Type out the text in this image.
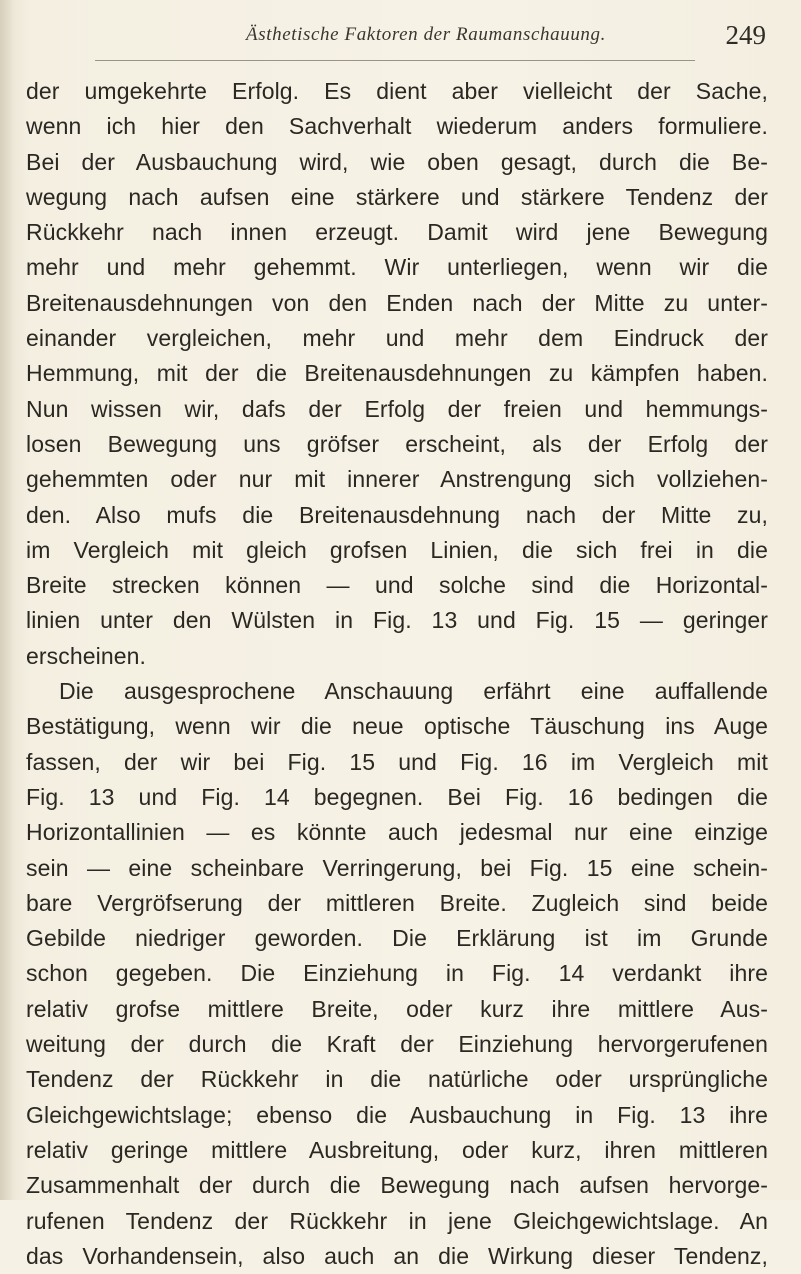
Ästhetische Faktoren der Raumanschauung.	249
der umgekehrte Erfolg. Es dient aber vielleicht der Sache,
wenn ich hier den Sachverhalt wiederum anders formuliere.
Bei der Ausbauchung wird, wie oben gesagt, durch die Be-
wegung nach aufsen eine stärkere und stärkere Tendenz der
Rückkehr nach innen erzeugt. Damit wird jene Bewegung
mehr und mehr gehemmt. Wir unterliegen, wenn wir die
Breitenausdehnungen von den Enden nach der Mitte zu unter-
einander vergleichen, mehr und mehr dem Eindruck der
Hemmung, mit der die Breitenausdehnungen zu kämpfen haben.
Nun wissen wir, dafs der Erfolg der freien und hemmungs-
losen Bewegung uns gröfser erscheint, als der Erfolg der
gehemmten oder nur mit innerer Anstrengung sich vollziehen-
den. Also mufs die Breitenausdehnung nach der Mitte zu,
im Vergleich mit gleich grofsen Linien, die sich frei in die
Breite strecken können — und solche sind die Horizontal-
linien unter den Wülsten in Fig. 13 und Fig. 15 — geringer
erscheinen.
Die ausgesprochene Anschauung erfährt eine auffallende
Bestätigung, wenn wir die neue optische Täuschung ins Auge
fassen, der wir bei Fig. 15 und Fig. 16 im Vergleich mit
Fig. 13 und Fig. 14 begegnen. Bei Fig. 16 bedingen die
Horizontallinien — es könnte auch jedesmal nur eine einzige
sein — eine scheinbare Verringerung, bei Fig. 15 eine schein-
bare Vergröfserung der mittleren Breite. Zugleich sind beide
Gebilde niedriger geworden. Die Erklärung ist im Grunde
schon gegeben. Die Einziehung in Fig. 14 verdankt ihre
relativ grofse mittlere Breite, oder kurz ihre mittlere Aus-
weitung der durch die Kraft der Einziehung hervorgerufenen
Tendenz der Rückkehr in die natürliche oder ursprüngliche
Gleichgewichtslage; ebenso die Ausbauchung in Fig. 13 ihre
relativ geringe mittlere Ausbreitung, oder kurz, ihren mittleren
Zusammenhalt der durch die Bewegung nach aufsen hervorge-
rufenen Tendenz der Rückkehr in jene Gleichgewichtslage. An
das Vorhandensein, also auch an die Wirkung dieser Tendenz,
